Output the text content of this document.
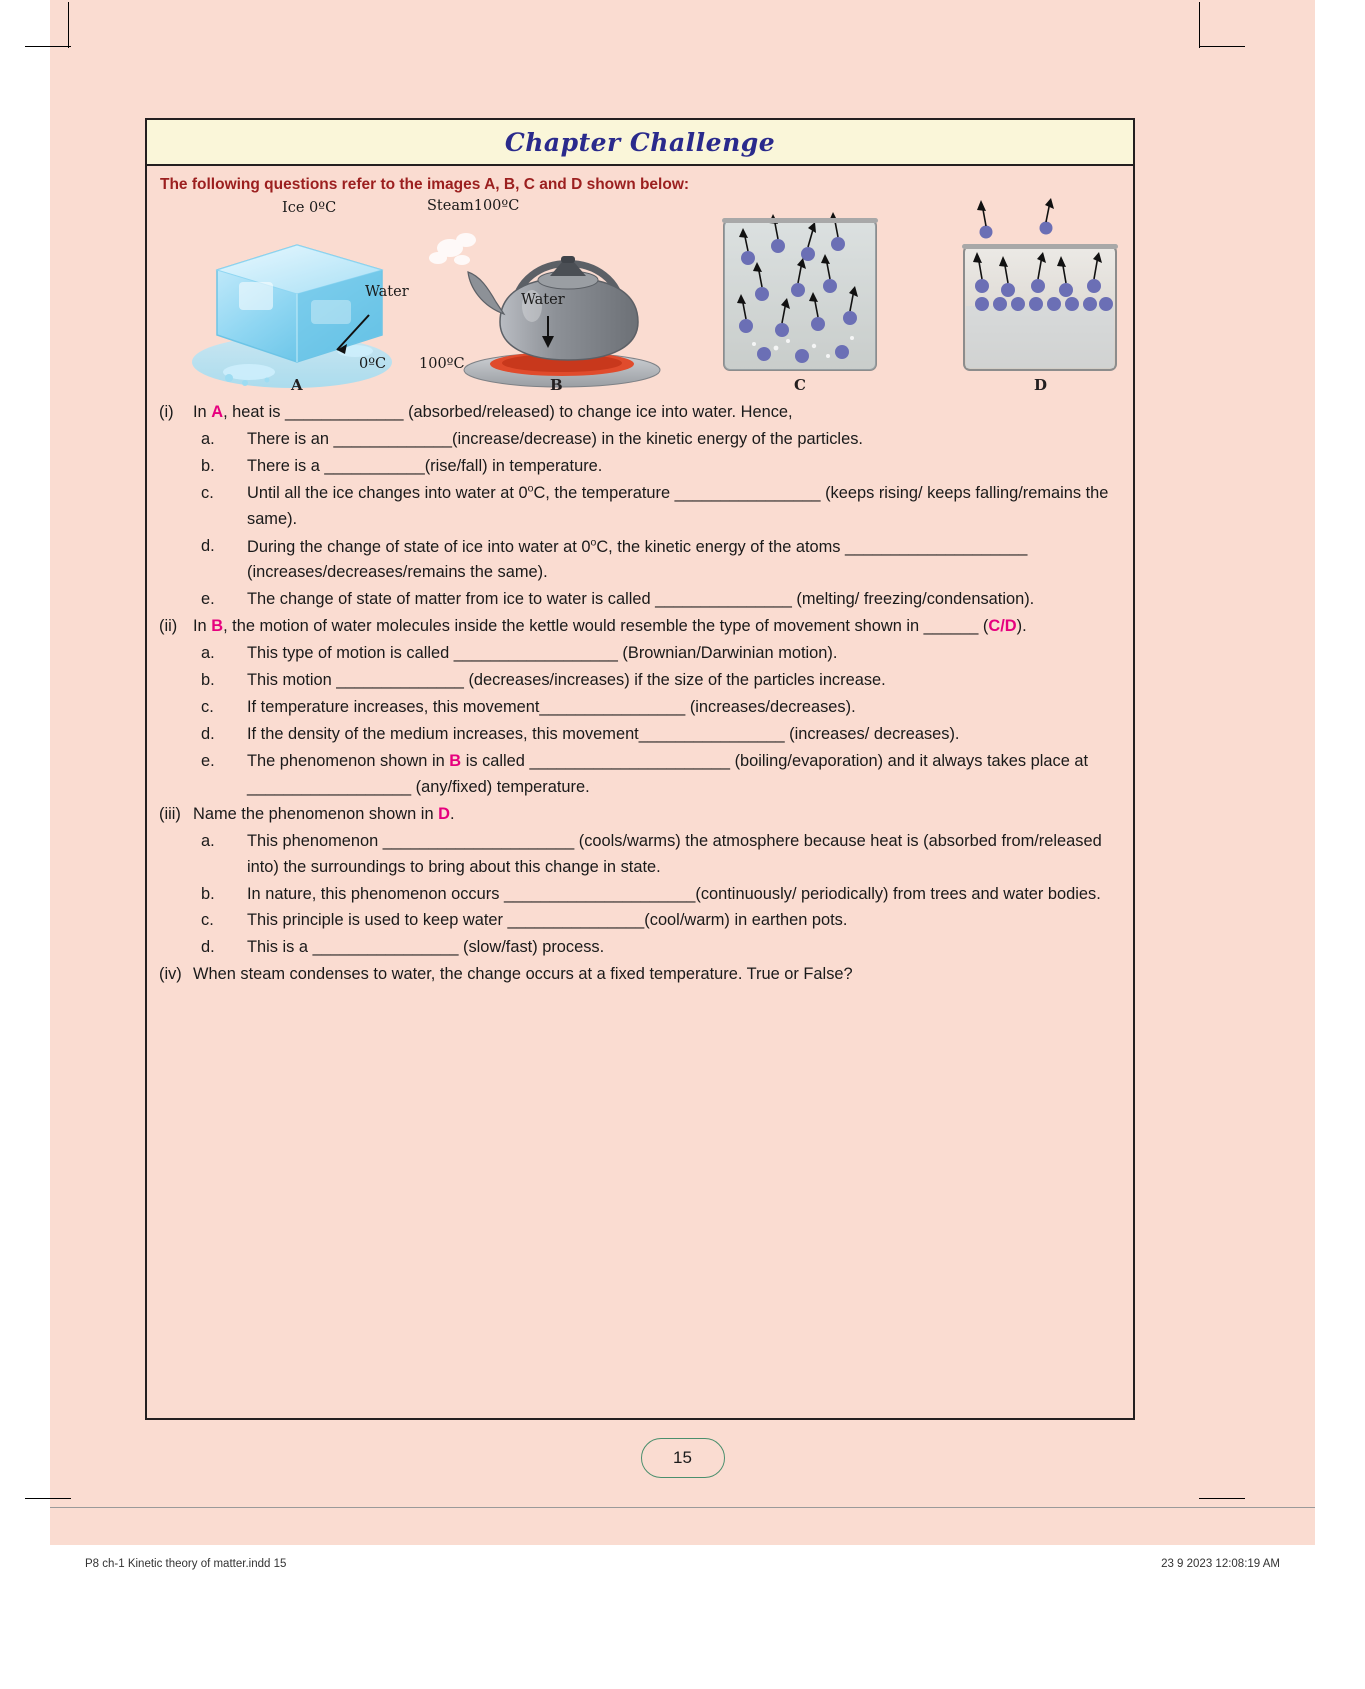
Chapter Challenge
The following questions refer to the images A, B, C and D shown below:
Ice 0ºC
Water
0ºC
A
Steam100ºC
Water
100ºC
B	C	D
(i)	In A, heat is _____________ (absorbed/released) to change ice into water. Hence,
a.	There is an _____________(increase/decrease) in the kinetic energy of the particles.
b.	There is a ___________(rise/fall) in temperature.
c.	Until all the ice changes into water at 0$^o$C, the temperature ________________ (keeps rising/ keeps falling/remains the same).
d.	During the change of state of ice into water at 0$^o$C, the kinetic energy of the atoms ____________________ (increases/decreases/remains the same).
e.	The change of state of matter from ice to water is called _______________ (melting/ freezing/condensation).
(ii) In B, the motion of water molecules inside the kettle would resemble the type of movement shown in ______ (C/D).
a.	This type of motion is called __________________ (Brownian/Darwinian motion).
b.	This motion ______________ (decreases/increases) if the size of the particles increase.
c.	If temperature increases, this movement________________ (increases/decreases).
d.	If the density of the medium increases, this movement________________ (increases/ decreases).
e.	The phenomenon shown in B is called ______________________ (boiling/evaporation) and it always takes place at __________________ (any/fixed) temperature.
(iii) Name the phenomenon shown in D.
a.	This phenomenon _____________________ (cools/warms) the atmosphere because heat is (absorbed from/released into) the surroundings to bring about this change in state.
b.	In nature, this phenomenon occurs _____________________(continuously/ periodically) from trees and water bodies.
c.	This principle is used to keep water _______________(cool/warm) in earthen pots.
d.	This is a ________________ (slow/fast) process.
(iv) When steam condenses to water, the change occurs at a fixed temperature. True or False?
15
P8 ch-1 Kinetic theory of matter.indd 15	23 9 2023 12:08:19 AM
